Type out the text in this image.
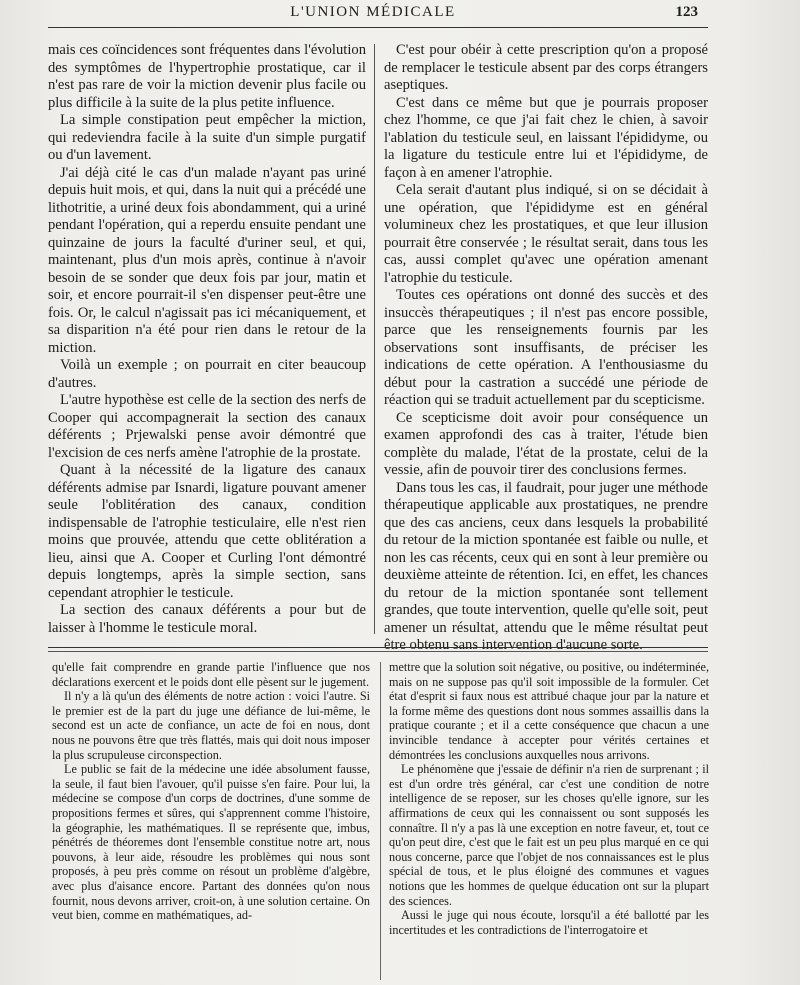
L'UNION MÉDICALE	123

mais ces coïncidences sont fréquentes dans l'évolution des symptômes de l'hypertrophie prostatique, car il n'est pas rare de voir la miction devenir plus facile ou plus difficile à la suite de la plus petite influence.

La simple constipation peut empêcher la miction, qui redeviendra facile à la suite d'un simple purgatif ou d'un lavement.

J'ai déjà cité le cas d'un malade n'ayant pas uriné depuis huit mois, et qui, dans la nuit qui a précédé une lithotritie, a uriné deux fois abondamment, qui a uriné pendant l'opération, qui a reperdu ensuite pendant une quinzaine de jours la faculté d'uriner seul, et qui, maintenant, plus d'un mois après, continue à n'avoir besoin de se sonder que deux fois par jour, matin et soir, et encore pourrait-il s'en dispenser peut-être une fois. Or, le calcul n'agissait pas ici mécaniquement, et sa disparition n'a été pour rien dans le retour de la miction.

Voilà un exemple ; on pourrait en citer beaucoup d'autres.

L'autre hypothèse est celle de la section des nerfs de Cooper qui accompagnerait la section des canaux déférents ; Prjewalski pense avoir démontré que l'excision de ces nerfs amène l'atrophie de la prostate.

Quant à la nécessité de la ligature des canaux déférents admise par Isnardi, ligature pouvant amener seule l'oblitération des canaux, condition indispensable de l'atrophie testiculaire, elle n'est rien moins que prouvée, attendu que cette oblitération a lieu, ainsi que A. Cooper et Curling l'ont démontré depuis longtemps, après la simple section, sans cependant atrophier le testicule.

La section des canaux déférents a pour but de laisser à l'homme le testicule moral.

C'est pour obéir à cette prescription qu'on a proposé de remplacer le testicule absent par des corps étrangers aseptiques.

C'est dans ce même but que je pourrais proposer chez l'homme, ce que j'ai fait chez le chien, à savoir l'ablation du testicule seul, en laissant l'épididyme, ou la ligature du testicule entre lui et l'épididyme, de façon à en amener l'atrophie.

Cela serait d'autant plus indiqué, si on se décidait à une opération, que l'épididyme est en général volumineux chez les prostatiques, et que leur illusion pourrait être conservée ; le résultat serait, dans tous les cas, aussi complet qu'avec une opération amenant l'atrophie du testicule.

Toutes ces opérations ont donné des succès et des insuccès thérapeutiques ; il n'est pas encore possible, parce que les renseignements fournis par les observations sont insuffisants, de préciser les indications de cette opération. A l'enthousiasme du début pour la castration a succédé une période de réaction qui se traduit actuellement par du scepticisme.

Ce scepticisme doit avoir pour conséquence un examen approfondi des cas à traiter, l'étude bien complète du malade, l'état de la prostate, celui de la vessie, afin de pouvoir tirer des conclusions fermes.

Dans tous les cas, il faudrait, pour juger une méthode thérapeutique applicable aux prostatiques, ne prendre que des cas anciens, ceux dans lesquels la probabilité du retour de la miction spontanée est faible ou nulle, et non les cas récents, ceux qui en sont à leur première ou deuxième atteinte de rétention. Ici, en effet, les chances du retour de la miction spontanée sont tellement grandes, que toute intervention, quelle qu'elle soit, peut amener un résultat, attendu que le même résultat peut être obtenu sans intervention d'aucune sorte.

qu'elle fait comprendre en grande partie l'influence que nos déclarations exercent et le poids dont elle pèsent sur le jugement.

Il n'y a là qu'un des éléments de notre action : voici l'autre. Si le premier est de la part du juge une défiance de lui-même, le second est un acte de confiance, un acte de foi en nous, dont nous ne pouvons être que très flattés, mais qui doit nous imposer la plus scrupuleuse circonspection.

Le public se fait de la médecine une idée absolument fausse, la seule, il faut bien l'avouer, qu'il puisse s'en faire. Pour lui, la médecine se compose d'un corps de doctrines, d'une somme de propositions fermes et sûres, qui s'apprennent comme l'histoire, la géographie, les mathématiques. Il se représente que, imbus, pénétrés de théoremes dont l'ensemble constitue notre art, nous pouvons, à leur aide, résoudre les problèmes qui nous sont proposés, à peu près comme on résout un problème d'algèbre, avec plus d'aisance encore. Partant des données qu'on nous fournit, nous devons arriver, croit-on, à une solution certaine. On veut bien, comme en mathématiques, ad-

mettre que la solution soit négative, ou positive, ou indéterminée, mais on ne suppose pas qu'il soit impossible de la formuler. Cet état d'esprit si faux nous est attribué chaque jour par la nature et la forme même des questions dont nous sommes assaillis dans la pratique courante ; et il a cette conséquence que chacun a une invincible tendance à accepter pour vérités certaines et démontrées les conclusions auxquelles nous arrivons.

Le phénomène que j'essaie de définir n'a rien de surprenant ; il est d'un ordre très général, car c'est une condition de notre intelligence de se reposer, sur les choses qu'elle ignore, sur les affirmations de ceux qui les connaissent ou sont supposés les connaître. Il n'y a pas là une exception en notre faveur, et, tout ce qu'on peut dire, c'est que le fait est un peu plus marqué en ce qui nous concerne, parce que l'objet de nos connaissances est le plus spécial de tous, et le plus éloigné des communes et vagues notions que les hommes de quelque éducation ont sur la plupart des sciences.

Aussi le juge qui nous écoute, lorsqu'il a été ballotté par les incertitudes et les contradictions de l'interrogatoire et
